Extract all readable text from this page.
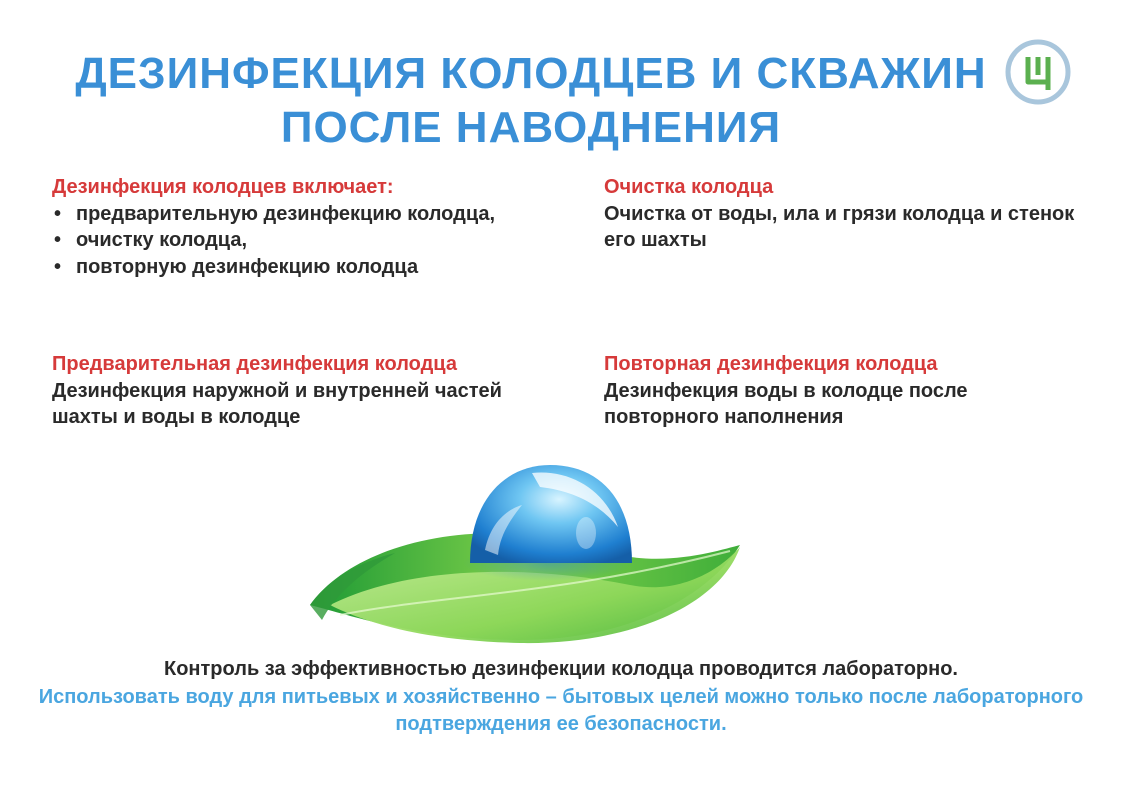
ДЕЗИНФЕКЦИЯ КОЛОДЦЕВ И СКВАЖИН
ПОСЛЕ НАВОДНЕНИЯ
Ц
Дезинфекция колодцев включает:
• предварительную дезинфекцию колодца,
• очистку колодца,
• повторную дезинфекцию колодца
Очистка колодца
Очистка от воды, ила и грязи колодца и стенок его шахты
Предварительная дезинфекция колодца
Дезинфекция наружной и внутренней частей шахты и воды в колодце
Повторная дезинфекция колодца
Дезинфекция воды в колодце после повторного наполнения
Контроль за эффективностью дезинфекции колодца проводится лабораторно.
Использовать воду для питьевых и хозяйственно – бытовых целей можно только после лабораторного подтверждения ее безопасности.
